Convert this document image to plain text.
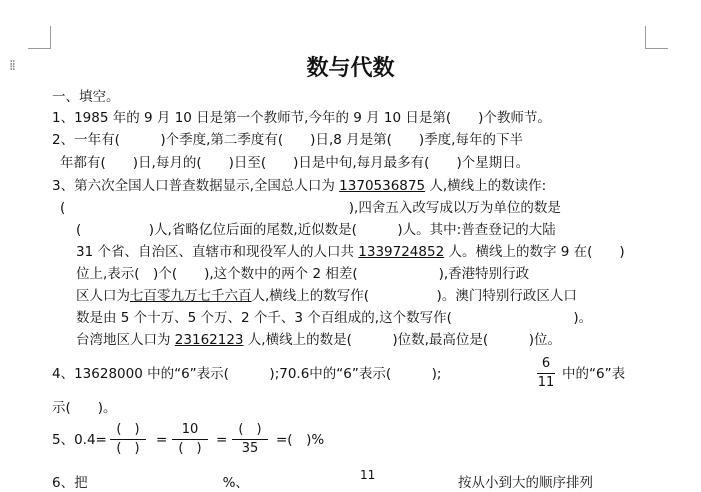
⁞⁞	数与代数
一、填空。
1、1985 年的 9 月 10 日是第一个教师节,今年的 9 月 10 日是第(　　)个教师节。
2、一年有(　　　)个季度,第二季度有(　　)日,8 月是第(　　)季度,每年的下半
年都有(　　)日,每月的(　　)日至(　　)日是中旬,每月最多有(　　)个星期日。
3、第六次全国人口普查数据显示,全国总人口为 1370536875 人,横线上的数读作:
(　　　　　　　　　　　　　　　　　　　　　),四舍五入改写成以万为单位的数是
(　　　　　)人,省略亿位后面的尾数,近似数是(　　　)人。其中:普查登记的大陆
31 个省、自治区、直辖市和现役军人的人口共 1339724852 人。横线上的数字 9 在(　　)
位上,表示(　)个(　　),这个数中的两个 2 相差(　　　　　　),香港特别行政
区人口为七百零九万七千六百人,横线上的数写作(　　　　　)。澳门特别行政区人口
数是由 5 个十万、5 个万、2 个千、3 个百组成的,这个数写作(　　　　　　　　　)。
台湾地区人口为 23162123 人,横线上的数是(　　　)位数,最高位是(　　　)位。
4、13628000 中的“6”表示(　　　);70.6中的“6”表示(　　　);
6
11
中的“6”表
示(　　)。
5、0.4=
(　)
(　)
=
10
(　)
=
(　)
35
=(　)%
6、把　　　　　　　　　　%、	11	按从小到大的顺序排列
